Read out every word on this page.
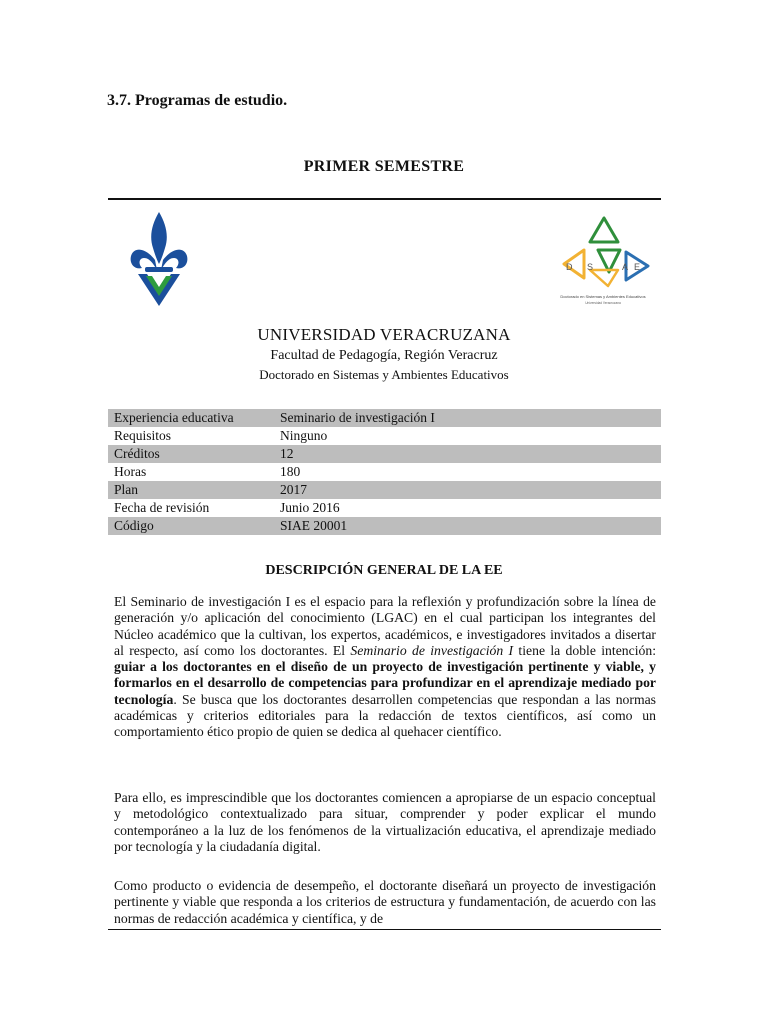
3.7. Programas de estudio.
PRIMER SEMESTRE
D S	A E
Doctorado en Sistemas y Ambientes Educativos
Universidad Veracruzana
UNIVERSIDAD VERACRUZANA
Facultad de Pedagogía, Región Veracruz
Doctorado en Sistemas y Ambientes Educativos
Experiencia educativa	Seminario de investigación I
Requisitos	Ninguno
Créditos	12
Horas	180
Plan	2017
Fecha de revisión	Junio 2016
Código	SIAE 20001
DESCRIPCIÓN GENERAL DE LA EE
El Seminario de investigación I es el espacio para la reflexión y profundización sobre la línea de generación y/o aplicación del conocimiento (LGAC) en el cual participan los integrantes del Núcleo académico que la cultivan, los expertos, académicos, e investigadores invitados a disertar al respecto, así como los doctorantes. El Seminario de investigación I tiene la doble intención: guiar a los doctorantes en el diseño de un proyecto de investigación pertinente y viable, y formarlos en el desarrollo de competencias para profundizar en el aprendizaje mediado por tecnología. Se busca que los doctorantes desarrollen competencias que respondan a las normas académicas y criterios editoriales para la redacción de textos científicos, así como un comportamiento ético propio de quien se dedica al quehacer científico.
Para ello, es imprescindible que los doctorantes comiencen a apropiarse de un espacio conceptual y metodológico contextualizado para situar, comprender y poder explicar el mundo contemporáneo a la luz de los fenómenos de la virtualización educativa, el aprendizaje mediado por tecnología y la ciudadanía digital.
Como producto o evidencia de desempeño, el doctorante diseñará un proyecto de investigación pertinente y viable que responda a los criterios de estructura y fundamentación, de acuerdo con las normas de redacción académica y científica, y de
